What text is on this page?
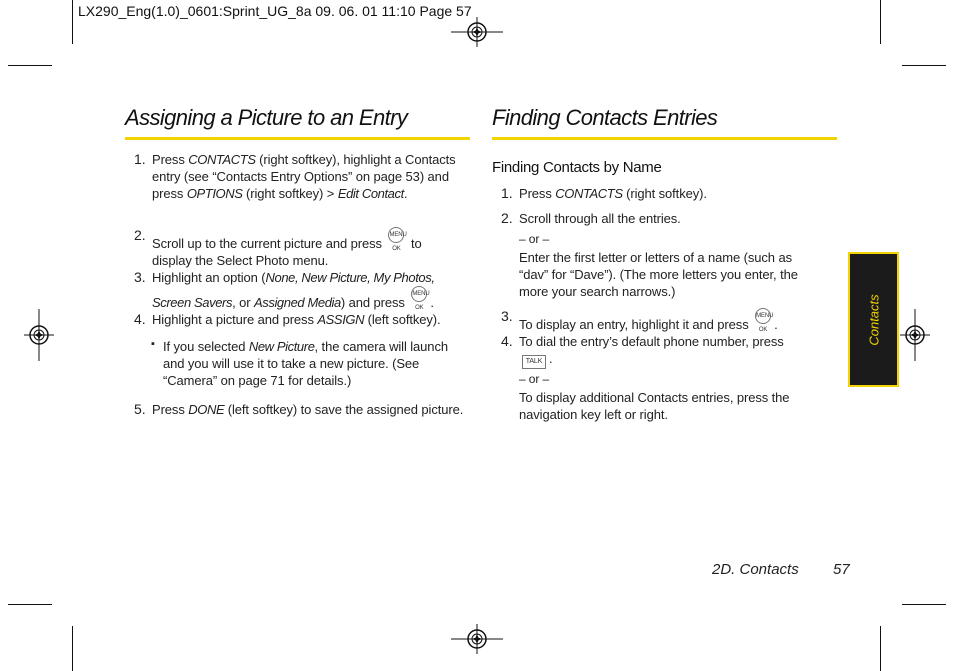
LX290_Eng(1.0)_0601:Sprint_UG_8a 09. 06. 01 11:10 Page 57
Assigning a Picture to an Entry
1. Press CONTACTS (right softkey), highlight a Contacts entry (see “Contacts Entry Options” on page 53) and press OPTIONS (right softkey) > Edit Contact.
2.
Scroll up to the current picture and press MENU OK to display the Select Photo menu.
3. Highlight an option (None, New Picture, My Photos, Screen Savers, or Assigned Media) and press MENU OK .
4. Highlight a picture and press ASSIGN (left softkey).
▪ If you selected New Picture, the camera will launch and you will use it to take a new picture. (See “Camera” on page 71 for details.)
5. Press DONE (left softkey) to save the assigned picture.
Finding Contacts Entries
Finding Contacts by Name
1. Press CONTACTS (right softkey).
2. Scroll through all the entries.
– or –
Enter the first letter or letters of a name (such as “dav” for “Dave”). (The more letters you enter, the more your search narrows.)
3.
To display an entry, highlight it and press MENU OK .
4. To dial the entry’s default phone number, press TALK .
– or –
To display additional Contacts entries, press the navigation key left or right.
Contacts
2D. Contacts 57
